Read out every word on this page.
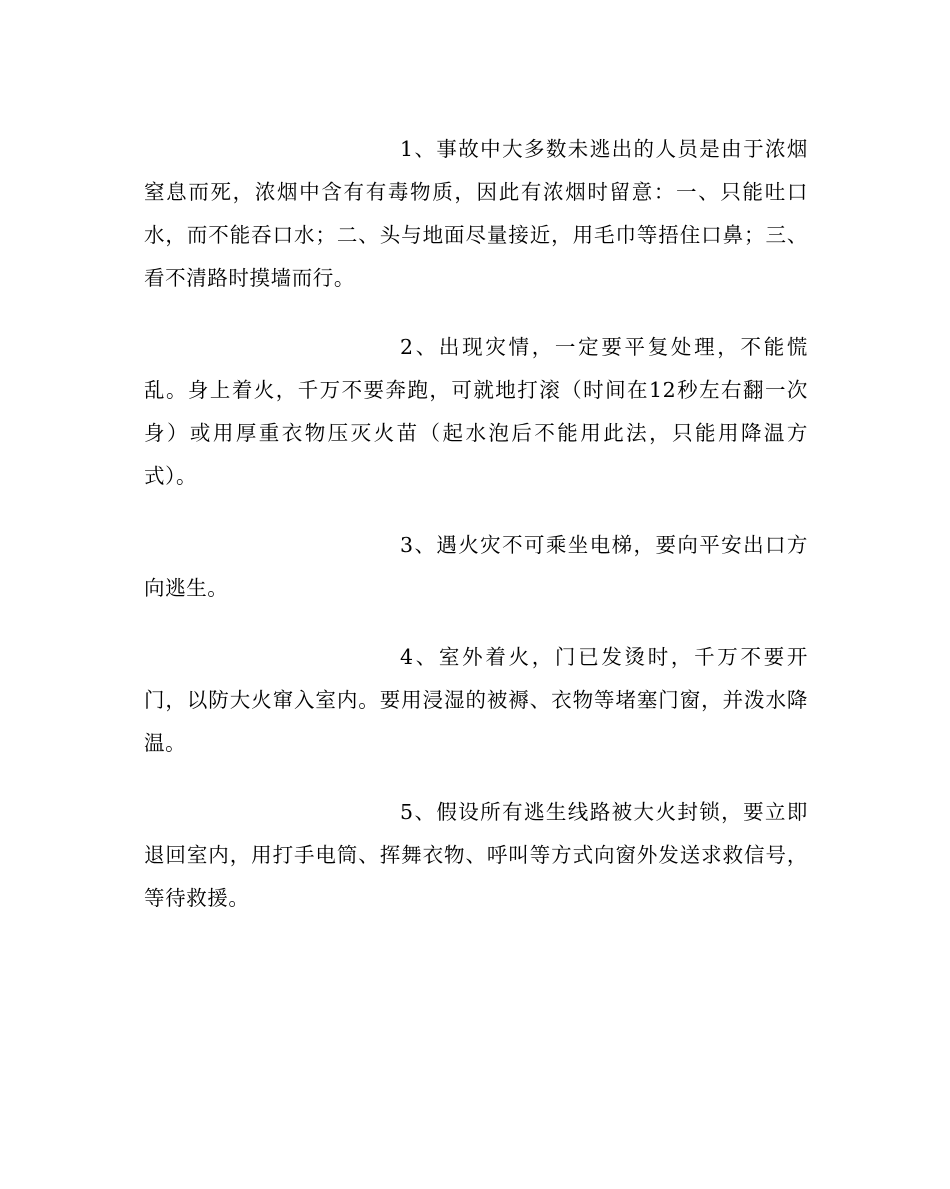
1、事故中大多数未逃出的人员是由于浓烟窒息而死，浓烟中含有有毒物质，因此有浓烟时留意：一、只能吐口水，而不能吞口水；二、头与地面尽量接近，用毛巾等捂住口鼻；三、看不清路时摸墙而行。

2、出现灾情，一定要平复处理，不能慌乱。身上着火，千万不要奔跑，可就地打滚（时间在12秒左右翻一次身）或用厚重衣物压灭火苗（起水泡后不能用此法，只能用降温方式）。

3、遇火灾不可乘坐电梯，要向平安出口方向逃生。

4、室外着火，门已发烫时，千万不要开门，以防大火窜入室内。要用浸湿的被褥、衣物等堵塞门窗，并泼水降温。

5、假设所有逃生线路被大火封锁，要立即退回室内，用打手电筒、挥舞衣物、呼叫等方式向窗外发送求救信号，等待救援。
